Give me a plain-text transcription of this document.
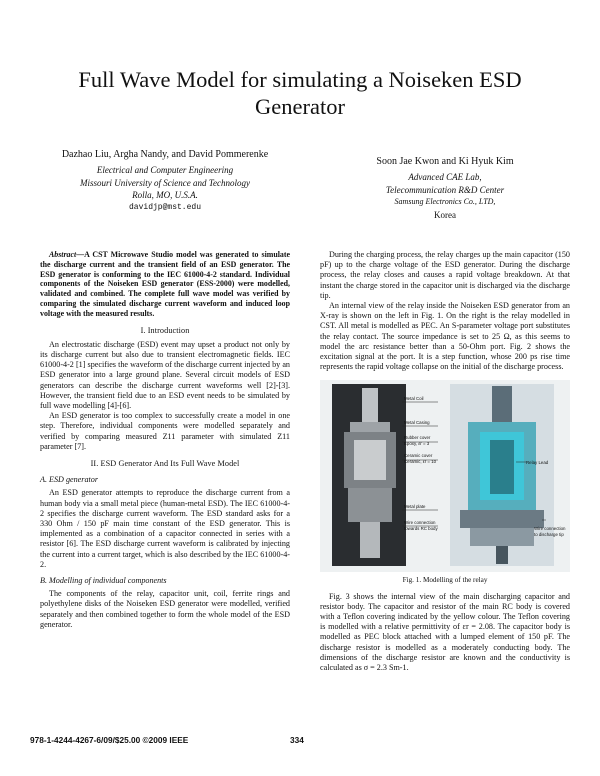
Full Wave Model for simulating a Noiseken ESD Generator
Dazhao Liu, Argha Nandy, and David Pommerenke
Electrical and Computer Engineering
Missouri University of Science and Technology
Rolla, MO, U.S.A.
davidjp@mst.edu
Soon Jae Kwon and Ki Hyuk Kim
Advanced CAE Lab,
Telecommunication R&D Center
Samsung Electronics Co., LTD,
Korea

Abstract—A CST Microwave Studio model was generated to simulate the discharge current and the transient field of an ESD generator. The ESD generator is conforming to the IEC 61000-4-2 standard. Individual components of the Noiseken ESD generator (ESS-2000) were modelled, validated and combined. The complete full wave model was verified by comparing the simulated discharge current waveform and induced loop voltage with the measured results.

I. Introduction

An electrostatic discharge (ESD) event may upset a product not only by its discharge current but also due to transient electromagnetic fields. IEC 61000-4-2 [1] specifies the waveform of the discharge current injected by an ESD generator into a large ground plane. Several circuit models of ESD generators can describe the discharge current waveforms well [2]-[3]. However, the transient field due to an ESD event needs to be simulated by full wave modelling [4]-[6].

An ESD generator is too complex to successfully create a model in one step. Therefore, individual components were modelled separately and verified by comparing measured Z11 parameter with simulated Z11 parameter [7].

II. ESD Generator And Its Full Wave Model
A. ESD generator

An ESD generator attempts to reproduce the discharge current from a human body via a small metal piece (human-metal ESD). The IEC 61000-4-2 specifies the discharge current waveform. The ESD standard asks for a 330 Ohm / 150 pF main time constant of the ESD generator. This is implemented as a combination of a capacitor connected in series with a resistor [6]. The ESD discharge current waveform is calibrated by injecting the current into a current target, which is also described by the IEC 61000-4-2.

B. Modelling of individual components

The components of the relay, capacitor unit, coil, ferrite rings and polyethylene disks of the Noiseken ESD generator were modelled, verified separately and then combined together to form the whole model of the ESD generator.

During the charging process, the relay charges up the main capacitor (150 pF) up to the charge voltage of the ESD generator. During the discharge process, the relay closes and causes a rapid voltage breakdown. At that instant the charge stored in the capacitor unit is discharged via the discharge tip.

An internal view of the relay inside the Noiseken ESD generator from an X-ray is shown on the left in Fig. 1. On the right is the relay modelled in CST. All metal is modelled as PEC. An S-parameter voltage port substitutes the relay contact. The source impedance is set to 25 Ω, as this seems to model the arc resistance better than a 50-Ohm port. Fig. 2 shows the excitation signal at the port. It is a step function, whose 200 ps rise time represents the rapid voltage collapse on the initial of the discharge process.

Metal Coil
Metal Casing
Rubber cover
Epoxy, εr = 3
Ceramic cover
Ceramic, εr = 10
Metal plate
Wire connection
towards RC body
Relay Lead
Wire connection
to discharge tip
Fig. 1. Modelling of the relay

Fig. 3 shows the internal view of the main discharging capacitor and resistor body. The capacitor and resistor of the main RC body is covered with a Teflon covering indicated by the yellow colour. The Teflon covering is modelled with a relative permittivity of εr = 2.08. The capacitor body is modelled as PEC block attached with a lumped element of 150 pF. The discharge resistor is modelled as a moderately conducting body. The dimensions of the discharge resistor are known and the conductivity is calculated as σ = 2.3 Sm-1.

978-1-4244-4267-6/09/$25.00 ©2009 IEEE	334
